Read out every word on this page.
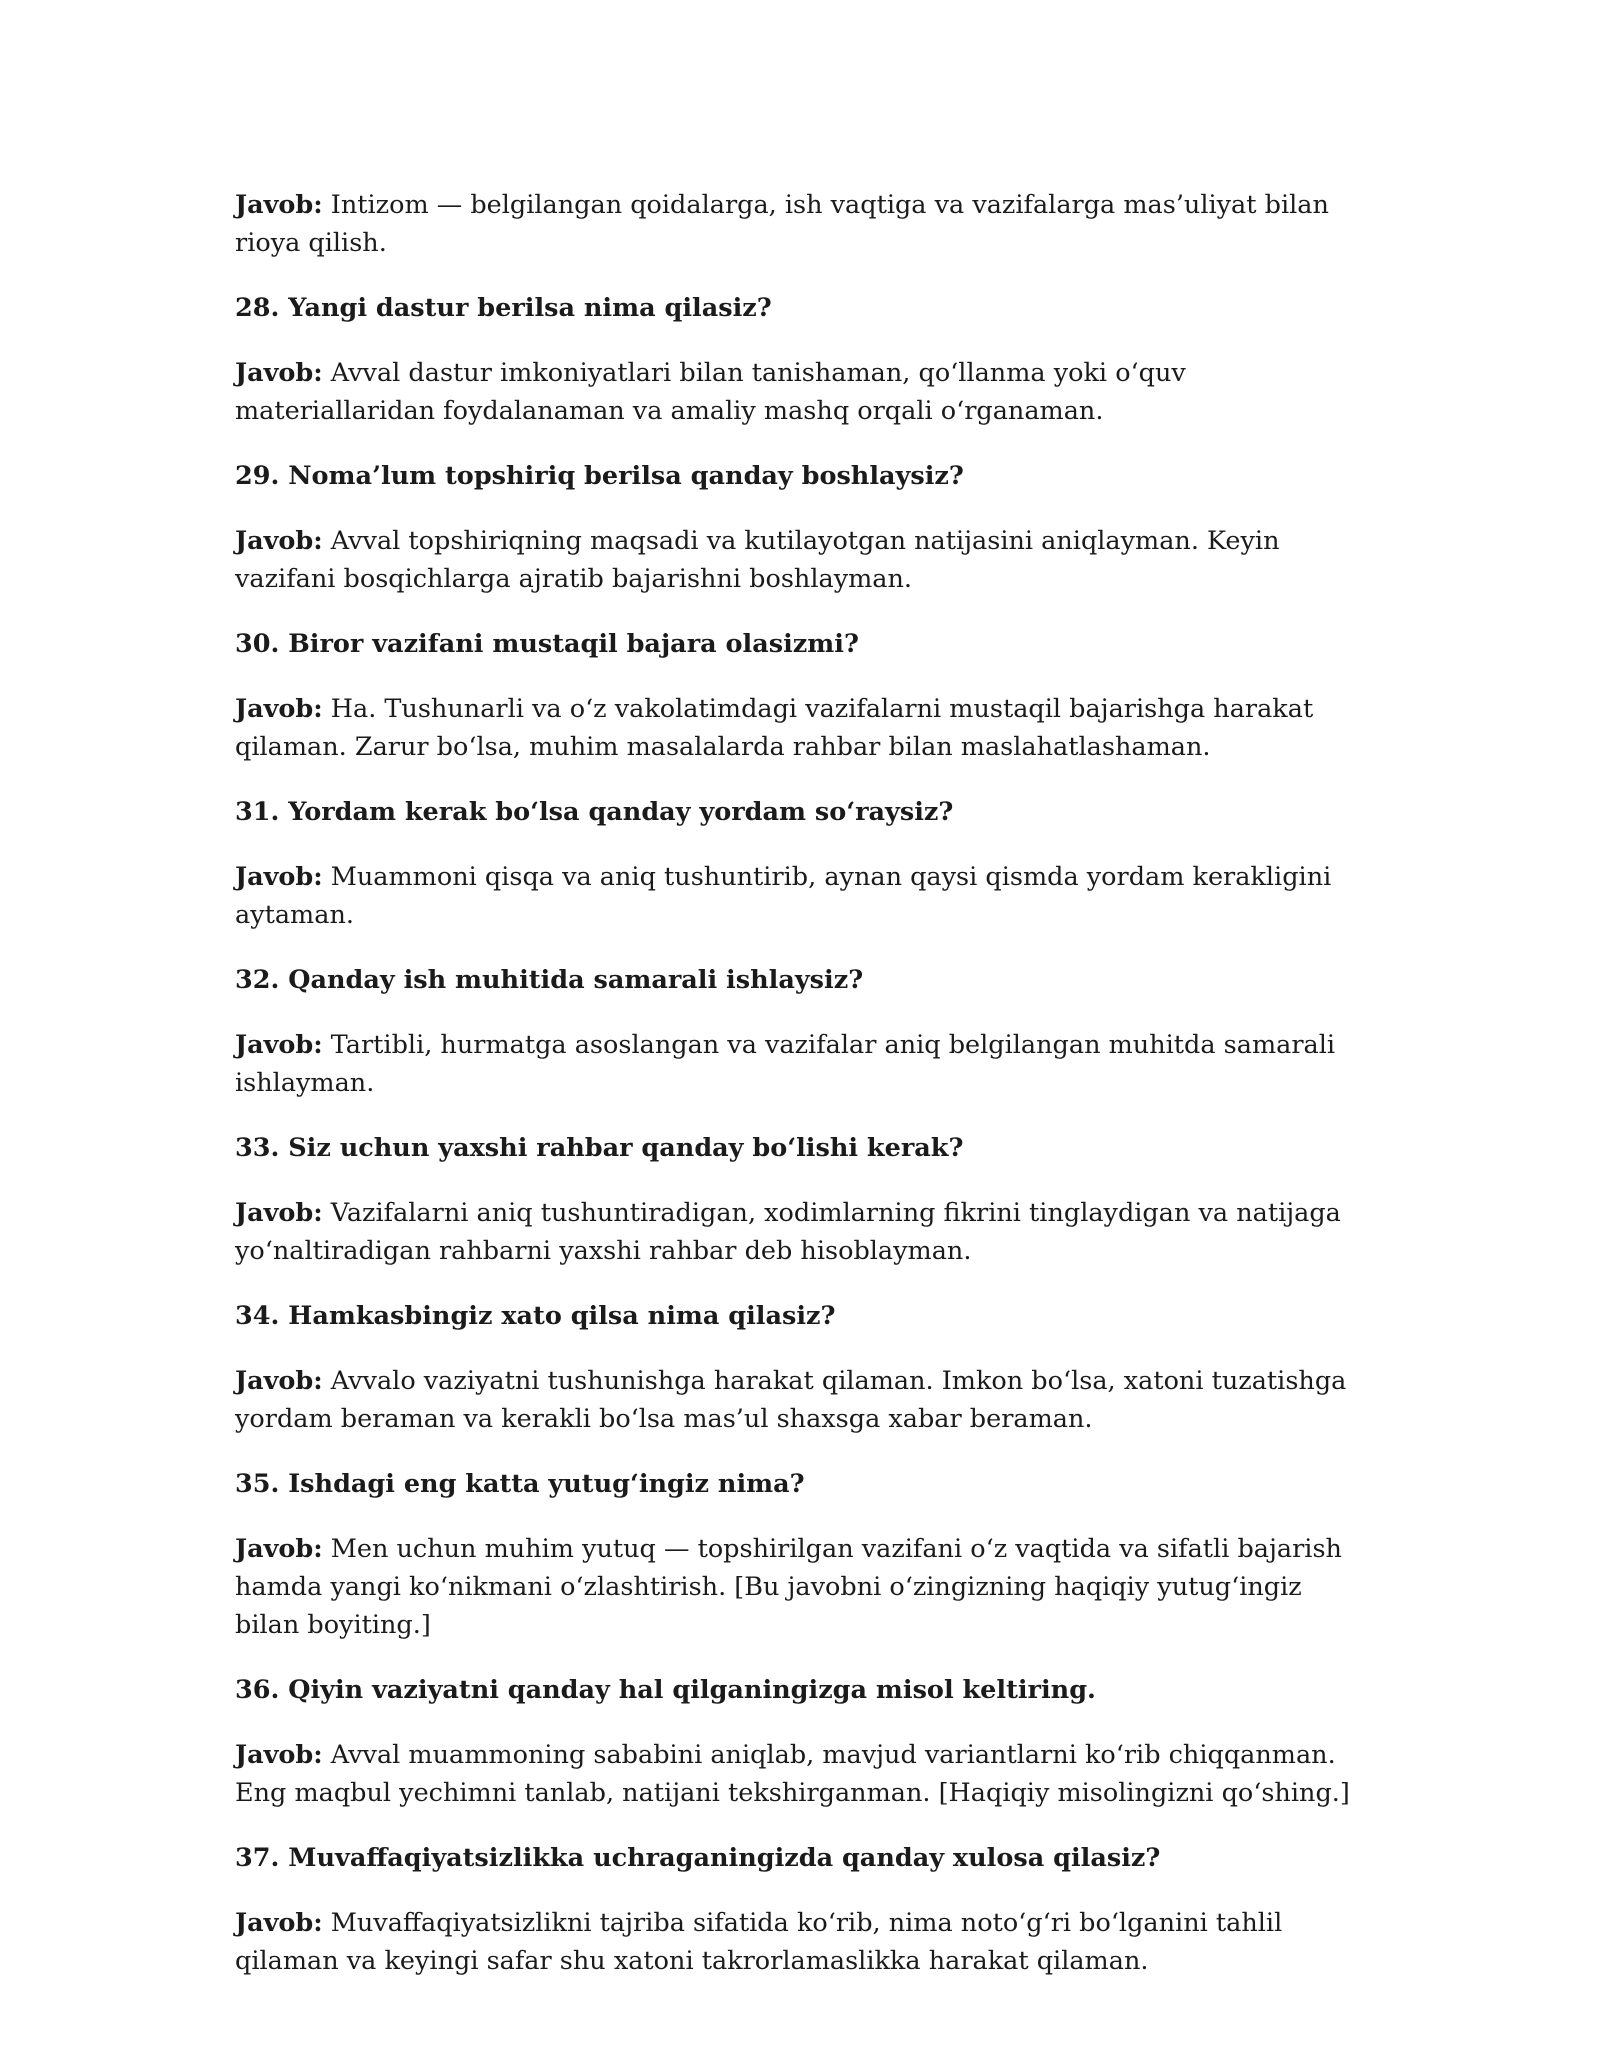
Javob: Intizom — belgilangan qoidalarga, ish vaqtiga va vazifalarga mas’uliyat bilan rioya qilish.

28. Yangi dastur berilsa nima qilasiz?

Javob: Avval dastur imkoniyatlari bilan tanishaman, qo‘llanma yoki o‘quv materiallaridan foydalanaman va amaliy mashq orqali o‘rganaman.

29. Noma’lum topshiriq berilsa qanday boshlaysiz?

Javob: Avval topshiriqning maqsadi va kutilayotgan natijasini aniqlayman. Keyin vazifani bosqichlarga ajratib bajarishni boshlayman.

30. Biror vazifani mustaqil bajara olasizmi?

Javob: Ha. Tushunarli va o‘z vakolatimdagi vazifalarni mustaqil bajarishga harakat qilaman. Zarur bo‘lsa, muhim masalalarda rahbar bilan maslahatlashaman.

31. Yordam kerak bo‘lsa qanday yordam so‘raysiz?

Javob: Muammoni qisqa va aniq tushuntirib, aynan qaysi qismda yordam kerakligini aytaman.

32. Qanday ish muhitida samarali ishlaysiz?

Javob: Tartibli, hurmatga asoslangan va vazifalar aniq belgilangan muhitda samarali ishlayman.

33. Siz uchun yaxshi rahbar qanday bo‘lishi kerak?

Javob: Vazifalarni aniq tushuntiradigan, xodimlarning fikrini tinglaydigan va natijaga yo‘naltiradigan rahbarni yaxshi rahbar deb hisoblayman.

34. Hamkasbingiz xato qilsa nima qilasiz?

Javob: Avvalo vaziyatni tushunishga harakat qilaman. Imkon bo‘lsa, xatoni tuzatishga yordam beraman va kerakli bo‘lsa mas’ul shaxsga xabar beraman.

35. Ishdagi eng katta yutug‘ingiz nima?

Javob: Men uchun muhim yutuq — topshirilgan vazifani o‘z vaqtida va sifatli bajarish hamda yangi ko‘nikmani o‘zlashtirish. [Bu javobni o‘zingizning haqiqiy yutug‘ingiz bilan boyiting.]

36. Qiyin vaziyatni qanday hal qilganingizga misol keltiring.

Javob: Avval muammoning sababini aniqlab, mavjud variantlarni ko‘rib chiqqanman. Eng maqbul yechimni tanlab, natijani tekshirganman. [Haqiqiy misolingizni qo‘shing.]

37. Muvaffaqiyatsizlikka uchraganingizda qanday xulosa qilasiz?

Javob: Muvaffaqiyatsizlikni tajriba sifatida ko‘rib, nima noto‘g‘ri bo‘lganini tahlil qilaman va keyingi safar shu xatoni takrorlamaslikka harakat qilaman.
